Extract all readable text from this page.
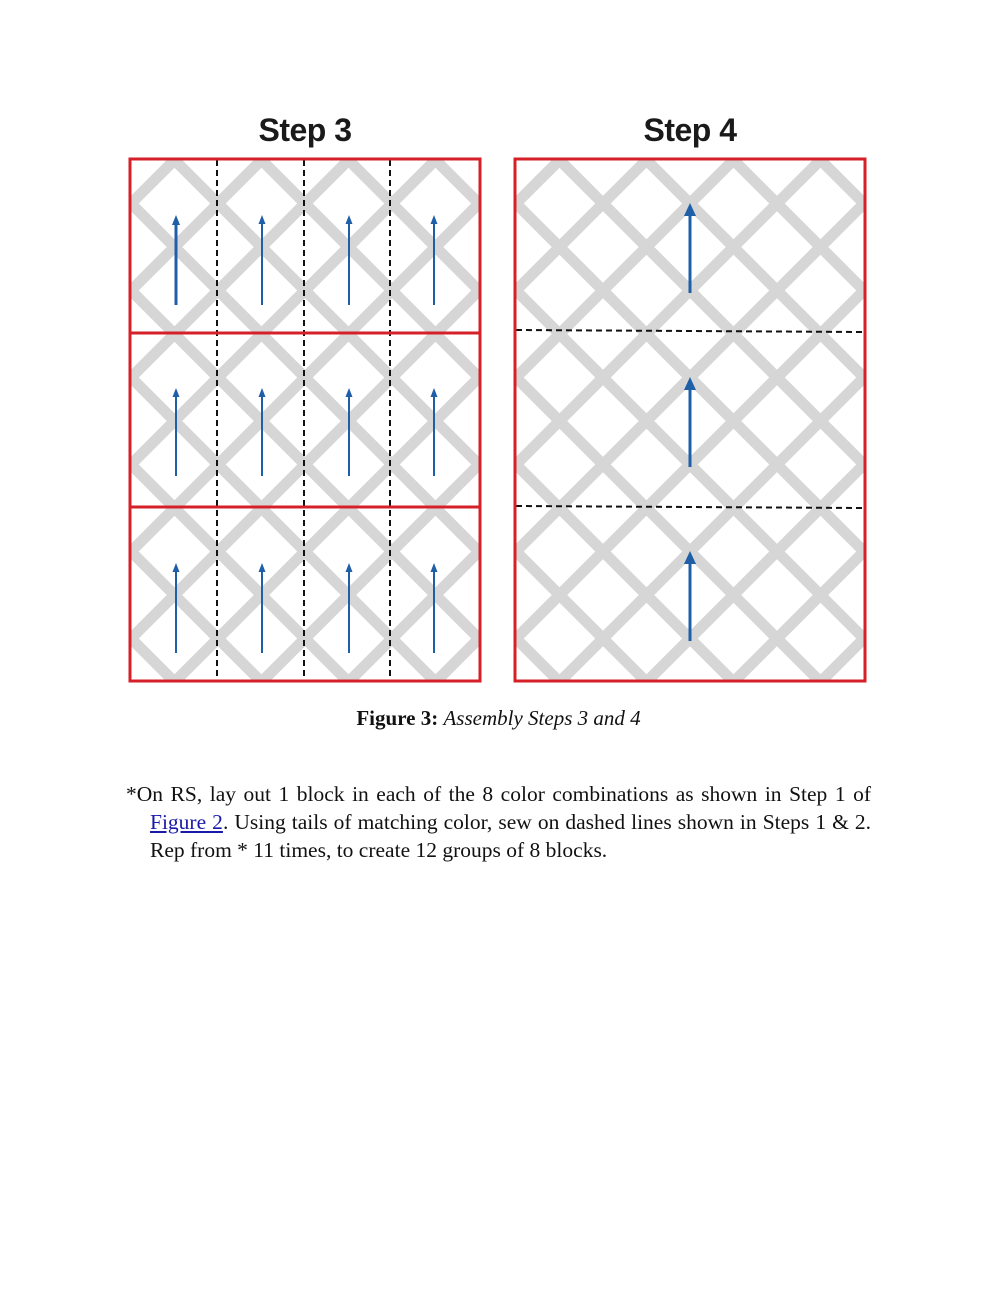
Step 3	Step 4
Figure 3: Assembly Steps 3 and 4

*On RS, lay out 1 block in each of the 8 color combinations as shown in Step 1 of Figure 2. Using tails of matching color, sew on dashed lines shown in Steps 1 & 2. Rep from * 11 times, to create 12 groups of 8 blocks.
